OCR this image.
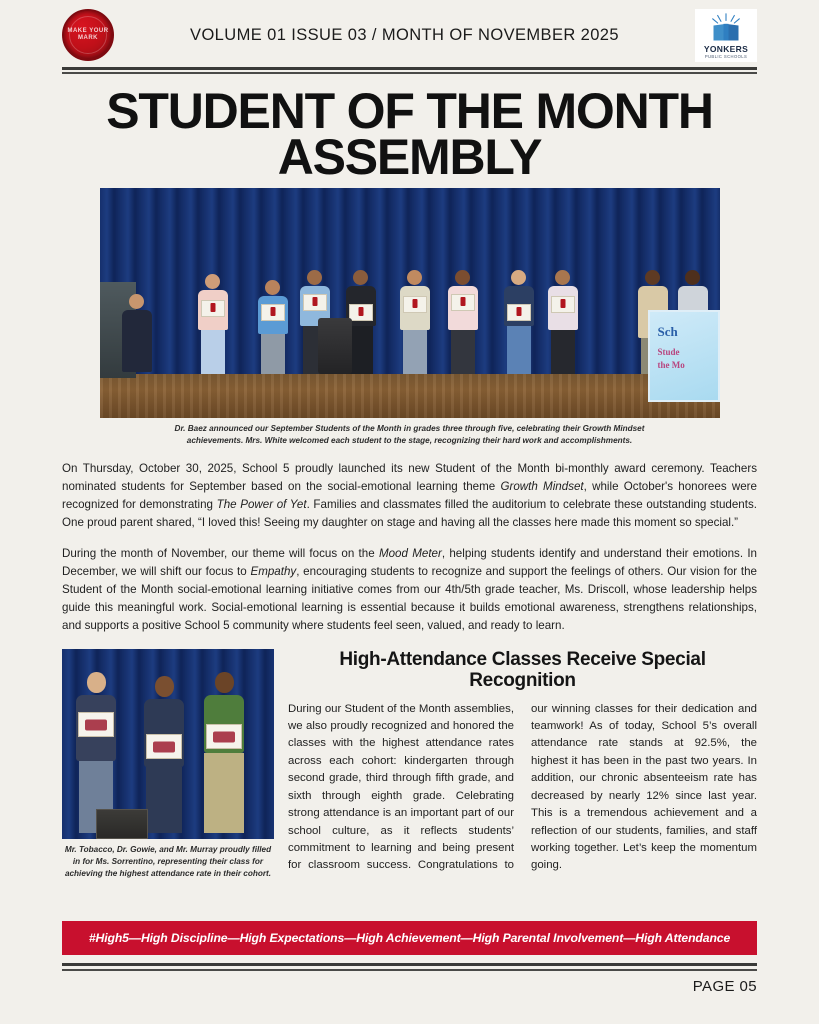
MAKE YOUR MARK	VOLUME 01 ISSUE 03 / MONTH OF NOVEMBER 2025
YONKERS
PUBLIC SCHOOLS
STUDENT OF THE MONTH ASSEMBLY
Sch
Stude
the Mo
Dr. Baez announced our September Students of the Month in grades three through five, celebrating their Growth Mindset achievements. Mrs. White welcomed each student to the stage, recognizing their hard work and accomplishments.

On Thursday, October 30, 2025, School 5 proudly launched its new Student of the Month bi-monthly award ceremony. Teachers nominated students for September based on the social-emotional learning theme Growth Mindset, while October's honorees were recognized for demonstrating The Power of Yet. Families and classmates filled the auditorium to celebrate these outstanding students. One proud parent shared, “I loved this! Seeing my daughter on stage and having all the classes here made this moment so special.”

During the month of November, our theme will focus on the Mood Meter, helping students identify and understand their emotions. In December, we will shift our focus to Empathy, encouraging students to recognize and support the feelings of others. Our vision for the Student of the Month social-emotional learning initiative comes from our 4th/5th grade teacher, Ms. Driscoll, whose leadership helps guide this meaningful work. Social-emotional learning is essential because it builds emotional awareness, strengthens relationships, and supports a positive School 5 community where students feel seen, valued, and ready to learn.

Mr. Tobacco, Dr. Gowie, and Mr. Murray proudly filled in for Ms. Sorrentino, representing their class for achieving the highest attendance rate in their cohort.
High-Attendance Classes Receive Special Recognition
During our Student of the Month assemblies, we also proudly recognized and honored the classes with the highest attendance rates across each cohort: kindergarten through second grade, third through fifth grade, and sixth through eighth grade. Celebrating strong attendance is an important part of our school culture, as it reflects students’ commitment to learning and being present for classroom success. Congratulations to our winning classes for their dedication and teamwork! As of today, School 5’s overall attendance rate stands at 92.5%, the highest it has been in the past two years. In addition, our chronic absenteeism rate has decreased by nearly 12% since last year. This is a tremendous achievement and a reflection of our students, families, and staff working together. Let’s keep the momentum going.
#High5—High Discipline—High Expectations—High Achievement—High Parental Involvement—High Attendance
PAGE 05
